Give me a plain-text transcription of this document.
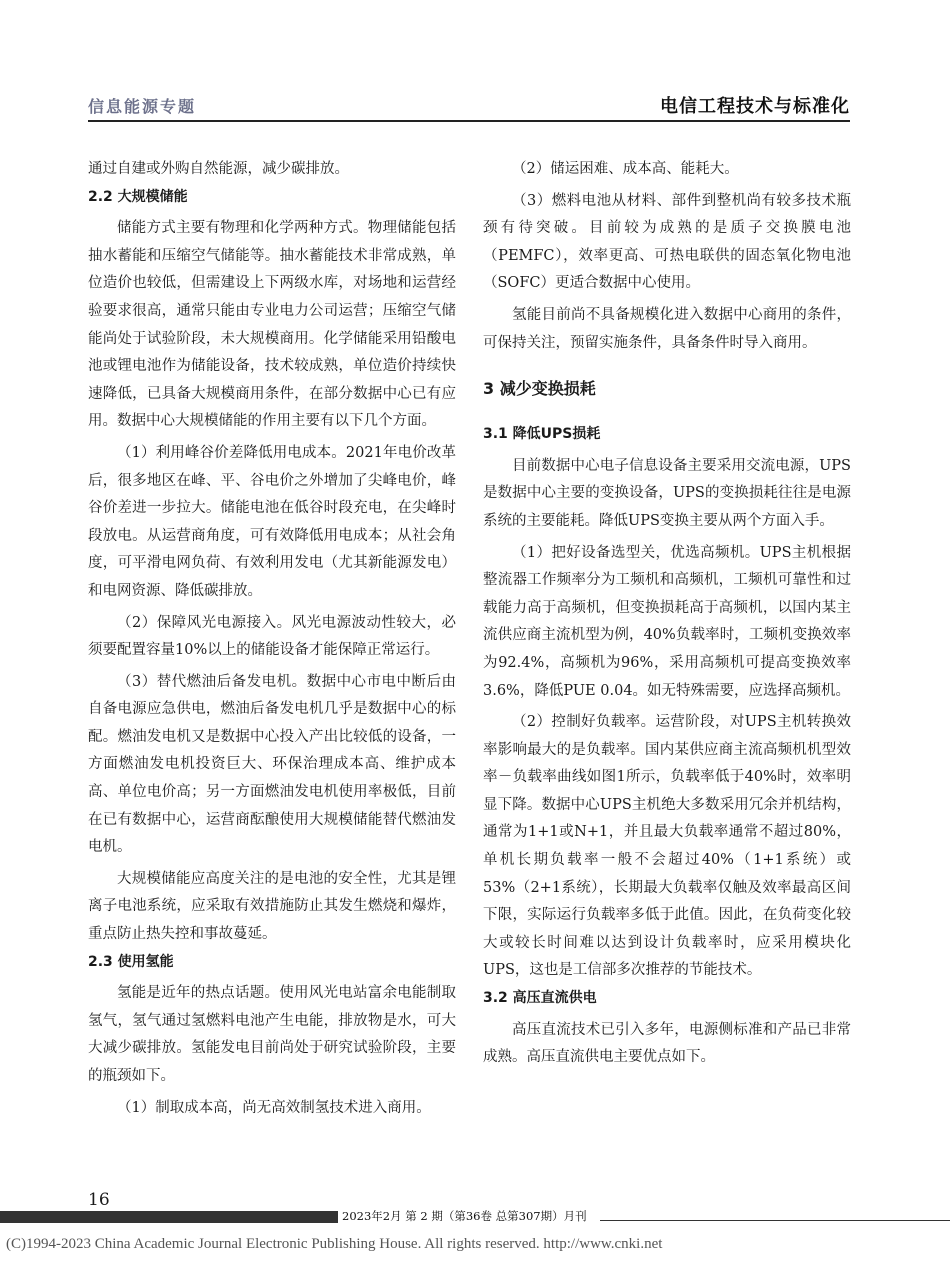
信息能源专题	电信工程技术与标准化

通过自建或外购自然能源，减少碳排放。

2.2 大规模储能

储能方式主要有物理和化学两种方式。物理储能包括抽水蓄能和压缩空气储能等。抽水蓄能技术非常成熟，单位造价也较低，但需建设上下两级水库，对场地和运营经验要求很高，通常只能由专业电力公司运营；压缩空气储能尚处于试验阶段，未大规模商用。化学储能采用铅酸电池或锂电池作为储能设备，技术较成熟，单位造价持续快速降低，已具备大规模商用条件，在部分数据中心已有应用。数据中心大规模储能的作用主要有以下几个方面。

（1）利用峰谷价差降低用电成本。2021年电价改革后，很多地区在峰、平、谷电价之外增加了尖峰电价，峰谷价差进一步拉大。储能电池在低谷时段充电，在尖峰时段放电。从运营商角度，可有效降低用电成本；从社会角度，可平滑电网负荷、有效利用发电（尤其新能源发电）和电网资源、降低碳排放。

（2）保障风光电源接入。风光电源波动性较大，必须要配置容量10%以上的储能设备才能保障正常运行。

（3）替代燃油后备发电机。数据中心市电中断后由自备电源应急供电，燃油后备发电机几乎是数据中心的标配。燃油发电机又是数据中心投入产出比较低的设备，一方面燃油发电机投资巨大、环保治理成本高、维护成本高、单位电价高；另一方面燃油发电机使用率极低，目前在已有数据中心，运营商酝酿使用大规模储能替代燃油发电机。

大规模储能应高度关注的是电池的安全性，尤其是锂离子电池系统，应采取有效措施防止其发生燃烧和爆炸，重点防止热失控和事故蔓延。

2.3 使用氢能

氢能是近年的热点话题。使用风光电站富余电能制取氢气，氢气通过氢燃料电池产生电能，排放物是水，可大大减少碳排放。氢能发电目前尚处于研究试验阶段，主要的瓶颈如下。

（1）制取成本高，尚无高效制氢技术进入商用。

（2）储运困难、成本高、能耗大。

（3）燃料电池从材料、部件到整机尚有较多技术瓶颈有待突破。目前较为成熟的是质子交换膜电池（PEMFC），效率更高、可热电联供的固态氧化物电池（SOFC）更适合数据中心使用。

氢能目前尚不具备规模化进入数据中心商用的条件，可保持关注，预留实施条件，具备条件时导入商用。

3 减少变换损耗
3.1 降低UPS损耗

目前数据中心电子信息设备主要采用交流电源，UPS是数据中心主要的变换设备，UPS的变换损耗往往是电源系统的主要能耗。降低UPS变换主要从两个方面入手。

（1）把好设备选型关，优选高频机。UPS主机根据整流器工作频率分为工频机和高频机，工频机可靠性和过载能力高于高频机，但变换损耗高于高频机，以国内某主流供应商主流机型为例，40%负载率时，工频机变换效率为92.4%，高频机为96%，采用高频机可提高变换效率3.6%，降低PUE 0.04。如无特殊需要，应选择高频机。

（2）控制好负载率。运营阶段，对UPS主机转换效率影响最大的是负载率。国内某供应商主流高频机机型效率－负载率曲线如图1所示，负载率低于40%时，效率明显下降。数据中心UPS主机绝大多数采用冗余并机结构，通常为1+1或N+1，并且最大负载率通常不超过80%，单机长期负载率一般不会超过40%（1+1系统）或53%（2+1系统），长期最大负载率仅触及效率最高区间下限，实际运行负载率多低于此值。因此，在负荷变化较大或较长时间难以达到设计负载率时，应采用模块化UPS，这也是工信部多次推荐的节能技术。

3.2 高压直流供电

高压直流技术已引入多年，电源侧标准和产品已非常成熟。高压直流供电主要优点如下。

16
2023年2月 第 2 期（第36卷 总第307期）月刊
(C)1994-2023 China Academic Journal Electronic Publishing House. All rights reserved. http://www.cnki.net
